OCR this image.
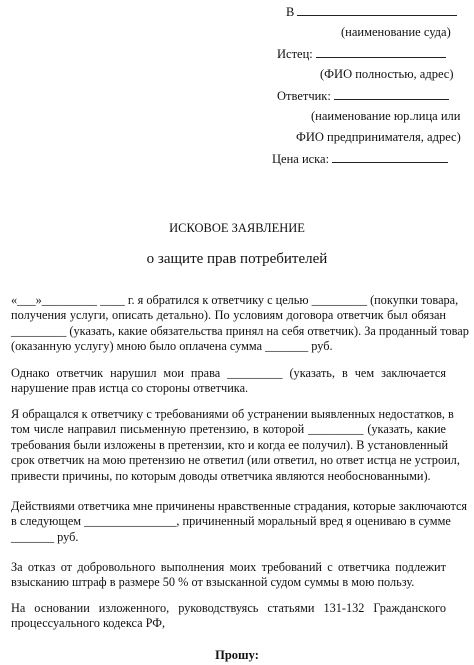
В
(наименование суда)
Истец:
(ФИО полностью, адрес)
Ответчик:
(наименование юр.лица или
ФИО предпринимателя, адрес)
Цена иска:
ИСКОВОЕ ЗАЯВЛЕНИЕ
о защите прав потребителей
«___»_________ ____ г. я обратился к ответчику с целью _________ (покупки товара,
получения услуги, описать детально). По условиям договора ответчик был обязан
_________ (указать, какие обязательства принял на себя ответчик). За проданный товар
(оказанную услугу) мною было оплачена сумма _______ руб.
Однако ответчик нарушил мои права _________ (указать, в чем заключается
нарушение прав истца со стороны ответчика.
Я обращался к ответчику с требованиями об устранении выявленных недостатков, в
том числе направил письменную претензию, в которой _________ (указать, какие
требования были изложены в претензии, кто и когда ее получил). В установленный
срок ответчик на мою претензию не ответил (или ответил, но ответ истца не устроил,
привести причины, по которым доводы ответчика являются необоснованными).
Действиями ответчика мне причинены нравственные страдания, которые заключаются
в следующем _______________, причиненный моральный вред я оцениваю в сумме
_______ руб.
За отказ от добровольного выполнения моих требований с ответчика подлежит
взысканию штраф в размере 50 % от взысканной судом суммы в мою пользу.
На основании изложенного, руководствуясь статьями 131-132 Гражданского
процессуального кодекса РФ,
Прошу:
